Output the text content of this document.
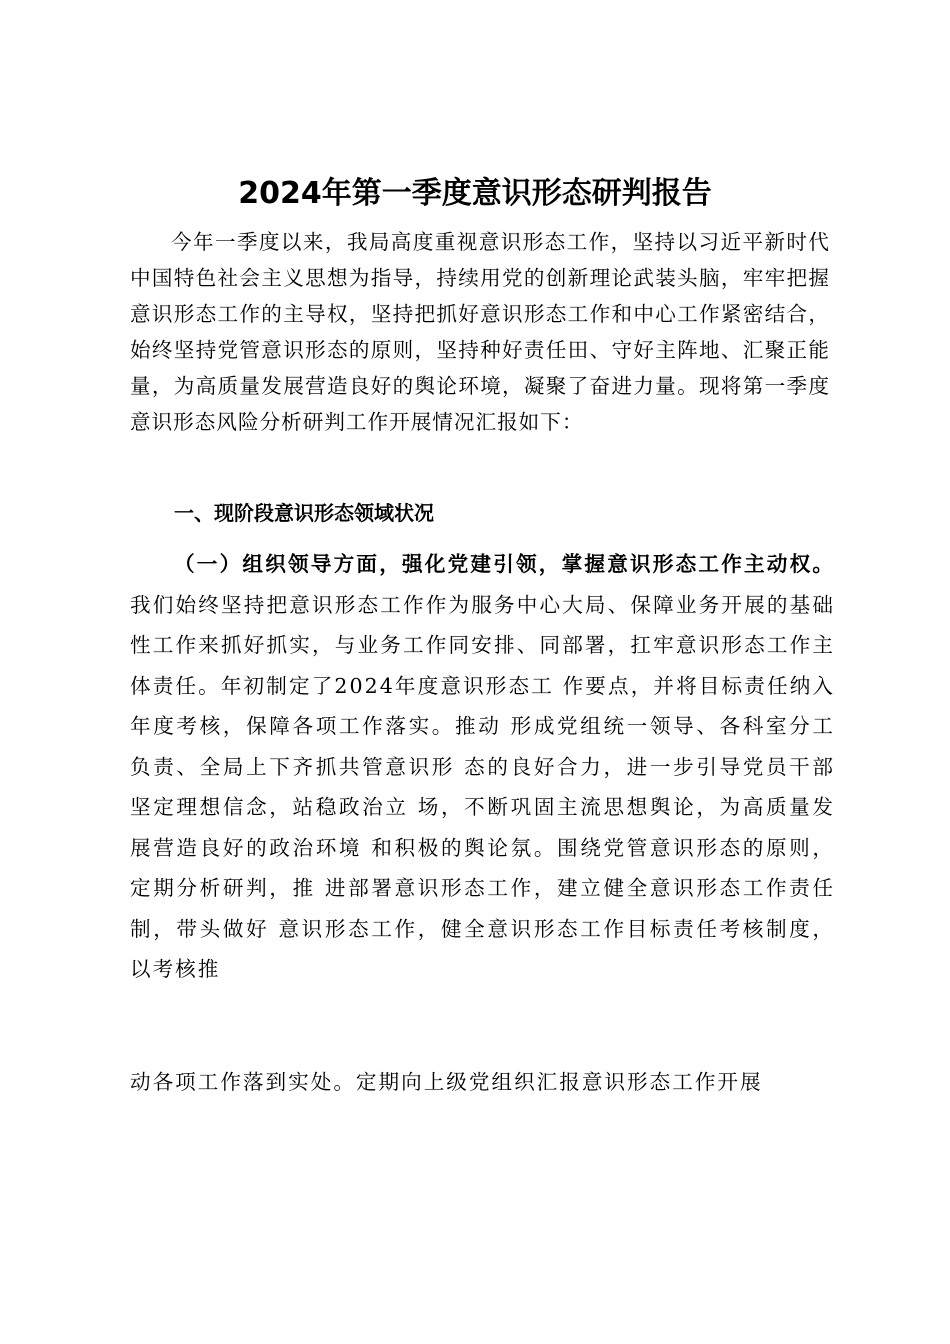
2024年第一季度意识形态研判报告

今年一季度以来，我局高度重视意识形态工作，坚持以习近平新时代中国特色社会主义思想为指导，持续用党的创新理论武装头脑，牢牢把握意识形态工作的主导权，坚持把抓好意识形态工作和中心工作紧密结合，始终坚持党管意识形态的原则，坚持种好责任田、守好主阵地、汇聚正能量，为高质量发展营造良好的舆论环境，凝聚了奋进力量。现将第一季度意识形态风险分析研判工作开展情况汇报如下：

一、现阶段意识形态领域状况

（一）组织领导方面，强化党建引领，掌握意识形态工作主动权。我们始终坚持把意识形态工作作为服务中心大局、保障业务开展的基础性工作来抓好抓实，与业务工作同安排、同部署，扛牢意识形态工作主体责任。年初制定了2024年度意识形态工 作要点，并将目标责任纳入年度考核，保障各项工作落实。推动 形成党组统一领导、各科室分工负责、全局上下齐抓共管意识形 态的良好合力，进一步引导党员干部坚定理想信念，站稳政治立 场，不断巩固主流思想舆论，为高质量发展营造良好的政治环境 和积极的舆论氛。围绕党管意识形态的原则，定期分析研判，推 进部署意识形态工作，建立健全意识形态工作责任制，带头做好 意识形态工作，健全意识形态工作目标责任考核制度，以考核推

动各项工作落到实处。定期向上级党组织汇报意识形态工作开展
